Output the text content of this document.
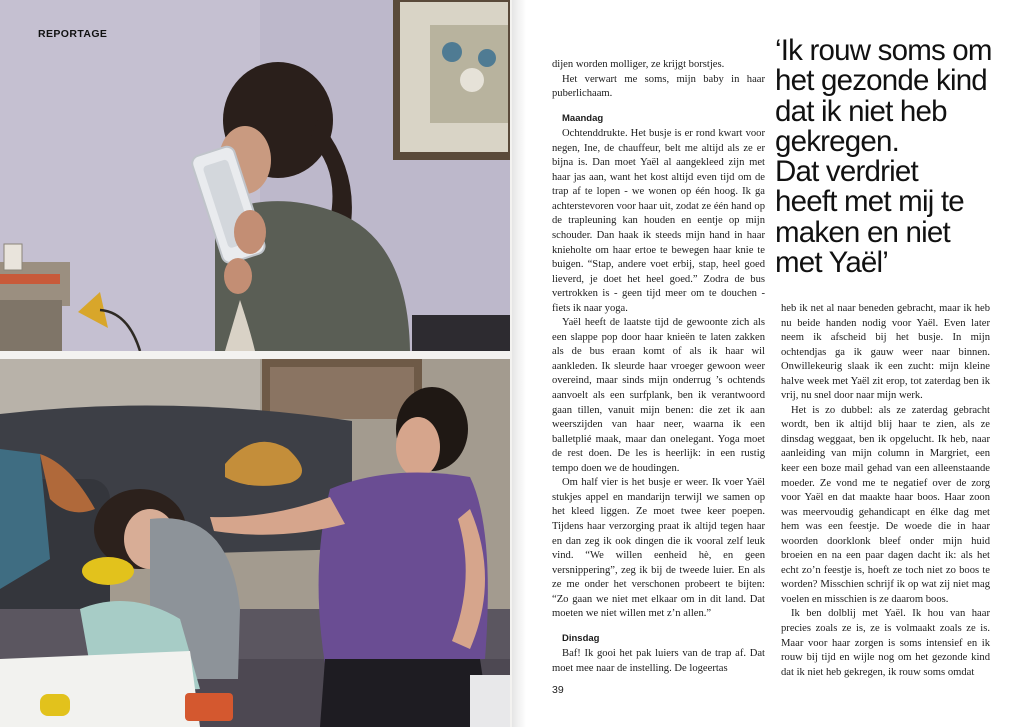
REPORTAGE

dijen worden molliger, ze krijgt borstjes.

Het verwart me soms, mijn baby in haar puberlichaam.

Maandag

Ochtenddrukte. Het busje is er rond kwart voor negen, Ine, de chauffeur, belt me altijd als ze er bijna is. Dan moet Yaël al aangekleed zijn met haar jas aan, want het kost altijd even tijd om de trap af te lopen - we wonen op één hoog. Ik ga achterstevoren voor haar uit, zodat ze één hand op de trapleuning kan houden en eentje op mijn schouder. Dan haak ik steeds mijn hand in haar knieholte om haar ertoe te bewegen haar knie te buigen. “Stap, andere voet erbij, stap, heel goed lieverd, je doet het heel goed.” Zodra de bus vertrokken is - geen tijd meer om te douchen - fiets ik naar yoga.

Yaël heeft de laatste tijd de gewoonte zich als een slappe pop door haar knieën te laten zakken als de bus eraan komt of als ik haar wil aankleden. Ik sleurde haar vroeger gewoon weer overeind, maar sinds mijn onderrug ’s ochtends aanvoelt als een surfplank, ben ik verantwoord gaan tillen, vanuit mijn benen: die zet ik aan weerszijden van haar neer, waarna ik een balletplié maak, maar dan onelegant. Yoga moet de rest doen. De les is heerlijk: in een rustig tempo doen we de houdingen.

Om half vier is het busje er weer. Ik voer Yaël stukjes appel en mandarijn terwijl we samen op het kleed liggen. Ze moet twee keer poepen. Tijdens haar verzorging praat ik altijd tegen haar en dan zeg ik ook dingen die ik vooral zelf leuk vind. “We willen eenheid hè, en geen versnippering”, zeg ik bij de tweede luier. En als ze me onder het verschonen probeert te bijten: “Zo gaan we niet met elkaar om in dit land. Dat moeten we niet willen met z’n allen.”

Dinsdag

Baf! Ik gooi het pak luiers van de trap af. Dat moet mee naar de instelling. De logeertas

‘Ik rouw soms om
het gezonde kind
dat ik niet heb
gekregen.
Dat verdriet
heeft met mij te
maken en niet
met Yaël’

heb ik net al naar beneden gebracht, maar ik heb nu beide handen nodig voor Yaël. Even later neem ik afscheid bij het busje. In mijn ochtendjas ga ik gauw weer naar binnen. Onwillekeurig slaak ik een zucht: mijn kleine halve week met Yaël zit erop, tot zaterdag ben ik vrij, nu snel door naar mijn werk.

Het is zo dubbel: als ze zaterdag gebracht wordt, ben ik altijd blij haar te zien, als ze dinsdag weggaat, ben ik opgelucht. Ik heb, naar aanleiding van mijn column in Margriet, een keer een boze mail gehad van een alleenstaande moeder. Ze vond me te negatief over de zorg voor Yaël en dat maakte haar boos. Haar zoon was meervoudig gehandicapt en élke dag met hem was een feestje. De woede die in haar woorden doorklonk bleef onder mijn huid broeien en na een paar dagen dacht ik: als het echt zo’n feestje is, hoeft ze toch niet zo boos te worden? Misschien schrijf ik op wat zij niet mag voelen en misschien is ze daarom boos.

Ik ben dolblij met Yaël. Ik hou van haar precies zoals ze is, ze is volmaakt zoals ze is. Maar voor haar zorgen is soms intensief en ik rouw bij tijd en wijle nog om het gezonde kind dat ik niet heb gekregen, ik rouw soms omdat

39
